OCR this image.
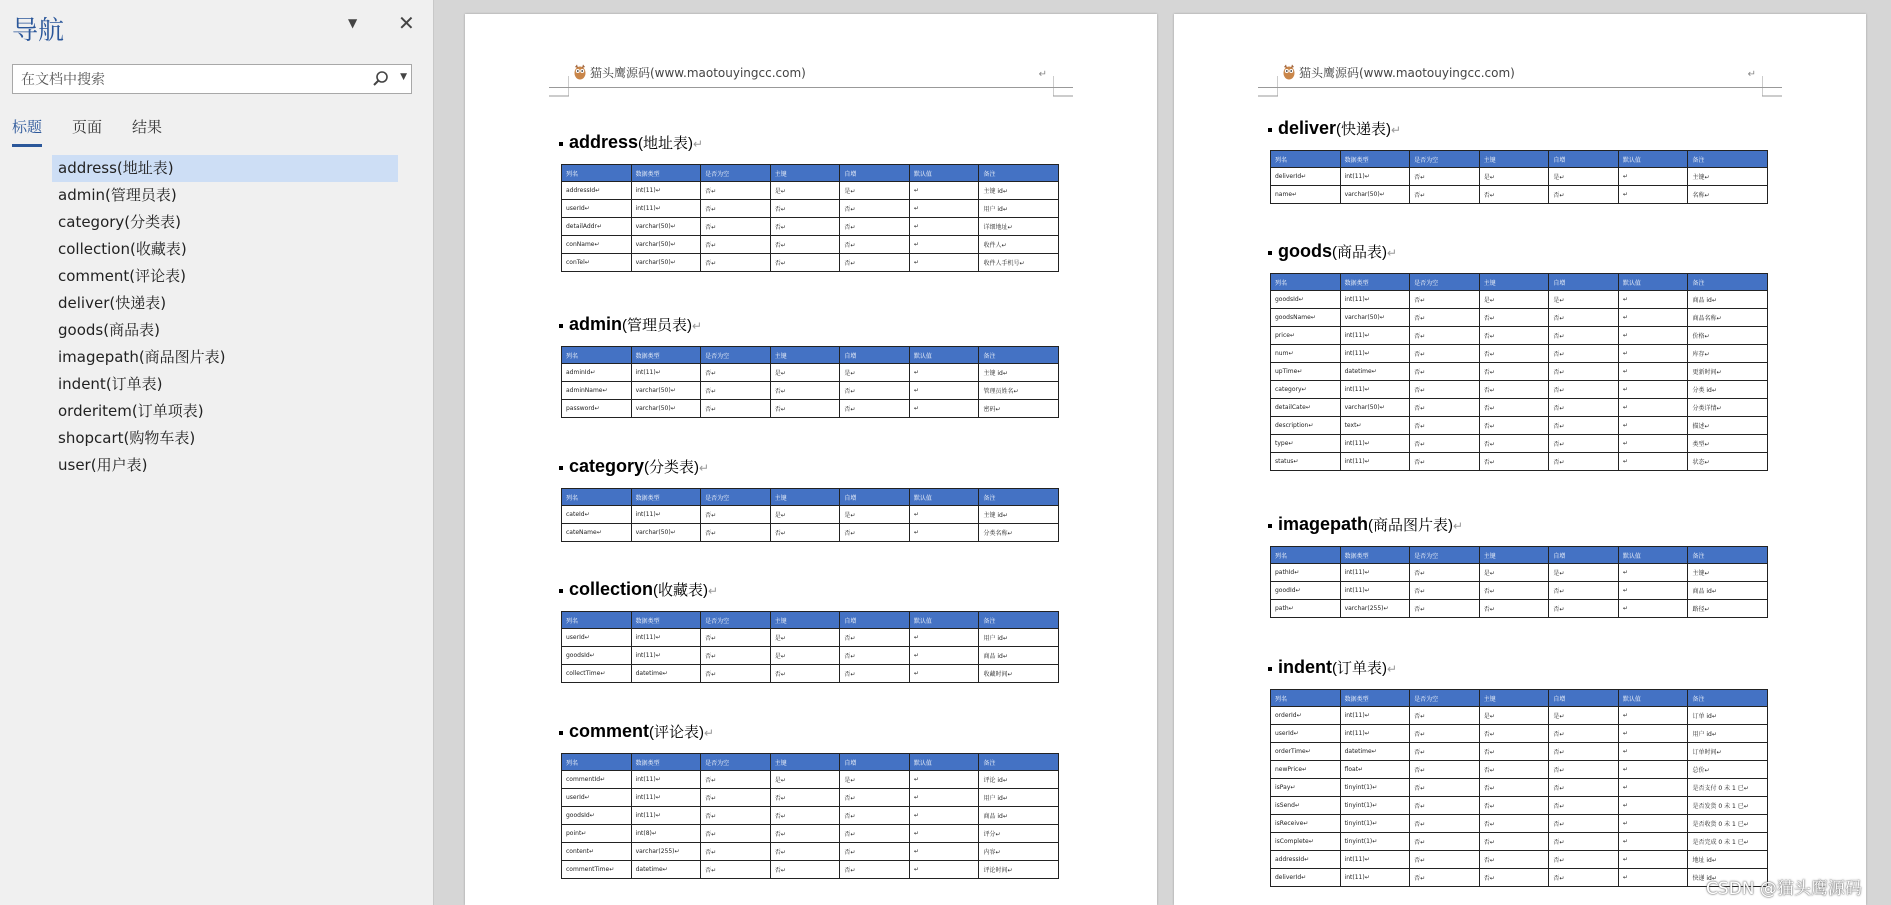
导航	▼ ✕
在文档中搜索
▼
标题 页面 结果
address(地址表)
admin(管理员表)
category(分类表)
collection(收藏表)
comment(评论表)
deliver(快递表)
goods(商品表)
imagepath(商品图片表)
indent(订单表)
orderitem(订单项表)
shopcart(购物车表)
user(用户表)
猫头鹰源码(www.maotouyingcc.com)	↵
address(地址表)↵
列名	数据类型	是否为空	主键	自增	默认值	备注
addressId↵	int(11)↵	否↵	是↵	是↵	↵	主键 id↵
userId↵	int(11)↵	否↵	否↵	否↵	↵	用户 id↵
detailAddr↵	varchar(50)↵	否↵	否↵	否↵	↵	详细地址↵
conName↵	varchar(50)↵	否↵	否↵	否↵	↵	收件人↵
conTel↵	varchar(50)↵	否↵	否↵	否↵	↵	收件人手机号↵
admin(管理员表)↵
列名	数据类型	是否为空	主键	自增	默认值	备注
adminId↵	int(11)↵	否↵	是↵	是↵	↵	主键 id↵
adminName↵	varchar(50)↵	否↵	否↵	否↵	↵	管理员姓名↵
password↵	varchar(50)↵	否↵	否↵	否↵	↵	密码↵
category(分类表)↵
列名	数据类型	是否为空	主键	自增	默认值	备注
cateId↵	int(11)↵	否↵	是↵	是↵	↵	主键 id↵
cateName↵	varchar(50)↵	否↵	否↵	否↵	↵	分类名称↵
collection(收藏表)↵
列名	数据类型	是否为空	主键	自增	默认值	备注
userId↵	int(11)↵	否↵	是↵	否↵	↵	用户 id↵
goodsId↵	int(11)↵	否↵	是↵	否↵	↵	商品 id↵
collectTime↵	datetime↵	否↵	否↵	否↵	↵	收藏时间↵
comment(评论表)↵
列名	数据类型	是否为空	主键	自增	默认值	备注
commentId↵	int(11)↵	否↵	是↵	是↵	↵	评论 id↵
userId↵	int(11)↵	否↵	否↵	否↵	↵	用户 id↵
goodsId↵	int(11)↵	否↵	否↵	否↵	↵	商品 id↵
point↵	int(8)↵	否↵	否↵	否↵	↵	评分↵
content↵	varchar(255)↵	否↵	否↵	否↵	↵	内容↵
commentTime↵	datetime↵	否↵	否↵	否↵	↵	评论时间↵
猫头鹰源码(www.maotouyingcc.com)	↵
deliver(快递表)↵
列名	数据类型	是否为空	主键	自增	默认值	备注
deliverId↵	int(11)↵	否↵	是↵	是↵	↵	主键↵
name↵	varchar(50)↵	否↵	否↵	否↵	↵	名称↵
goods(商品表)↵
列名	数据类型	是否为空	主键	自增	默认值	备注
goodsId↵	int(11)↵	否↵	是↵	是↵	↵	商品 id↵
goodsName↵	varchar(50)↵	否↵	否↵	否↵	↵	商品名称↵
price↵	int(11)↵	否↵	否↵	否↵	↵	价格↵
num↵	int(11)↵	否↵	否↵	否↵	↵	库存↵
upTime↵	datetime↵	否↵	否↵	否↵	↵	更新时间↵
category↵	int(11)↵	否↵	否↵	否↵	↵	分类 id↵
detailCate↵	varchar(50)↵	否↵	否↵	否↵	↵	分类详情↵
description↵	text↵	否↵	否↵	否↵	↵	描述↵
type↵	int(11)↵	否↵	否↵	否↵	↵	类型↵
status↵	int(11)↵	否↵	否↵	否↵	↵	状态↵
imagepath(商品图片表)↵
列名	数据类型	是否为空	主键	自增	默认值	备注
pathId↵	int(11)↵	否↵	是↵	是↵	↵	主键↵
goodId↵	int(11)↵	否↵	否↵	否↵	↵	商品 id↵
path↵	varchar(255)↵	否↵	否↵	否↵	↵	路径↵
indent(订单表)↵
列名	数据类型	是否为空	主键	自增	默认值	备注
orderId↵	int(11)↵	否↵	是↵	是↵	↵	订单 id↵
userId↵	int(11)↵	否↵	否↵	否↵	↵	用户 id↵
orderTime↵	datetime↵	否↵	否↵	否↵	↵	订单时间↵
newPrice↵	float↵	否↵	否↵	否↵	↵	总价↵
isPay↵	tinyint(1)↵	否↵	否↵	否↵	↵	是否支付 0 未 1 已↵
isSend↵	tinyint(1)↵	否↵	否↵	否↵	↵	是否发货 0 未 1 已↵
isReceive↵	tinyint(1)↵	否↵	否↵	否↵	↵	是否收货 0 未 1 已↵
isComplete↵	tinyint(1)↵	否↵	否↵	否↵	↵	是否完成 0 未 1 已↵
addressId↵	int(11)↵	否↵	否↵	否↵	↵	地址 id↵
deliverId↵	int(11)↵	否↵	否↵	否↵	↵	快递 id↵
CSDN @猫头鹰源码
